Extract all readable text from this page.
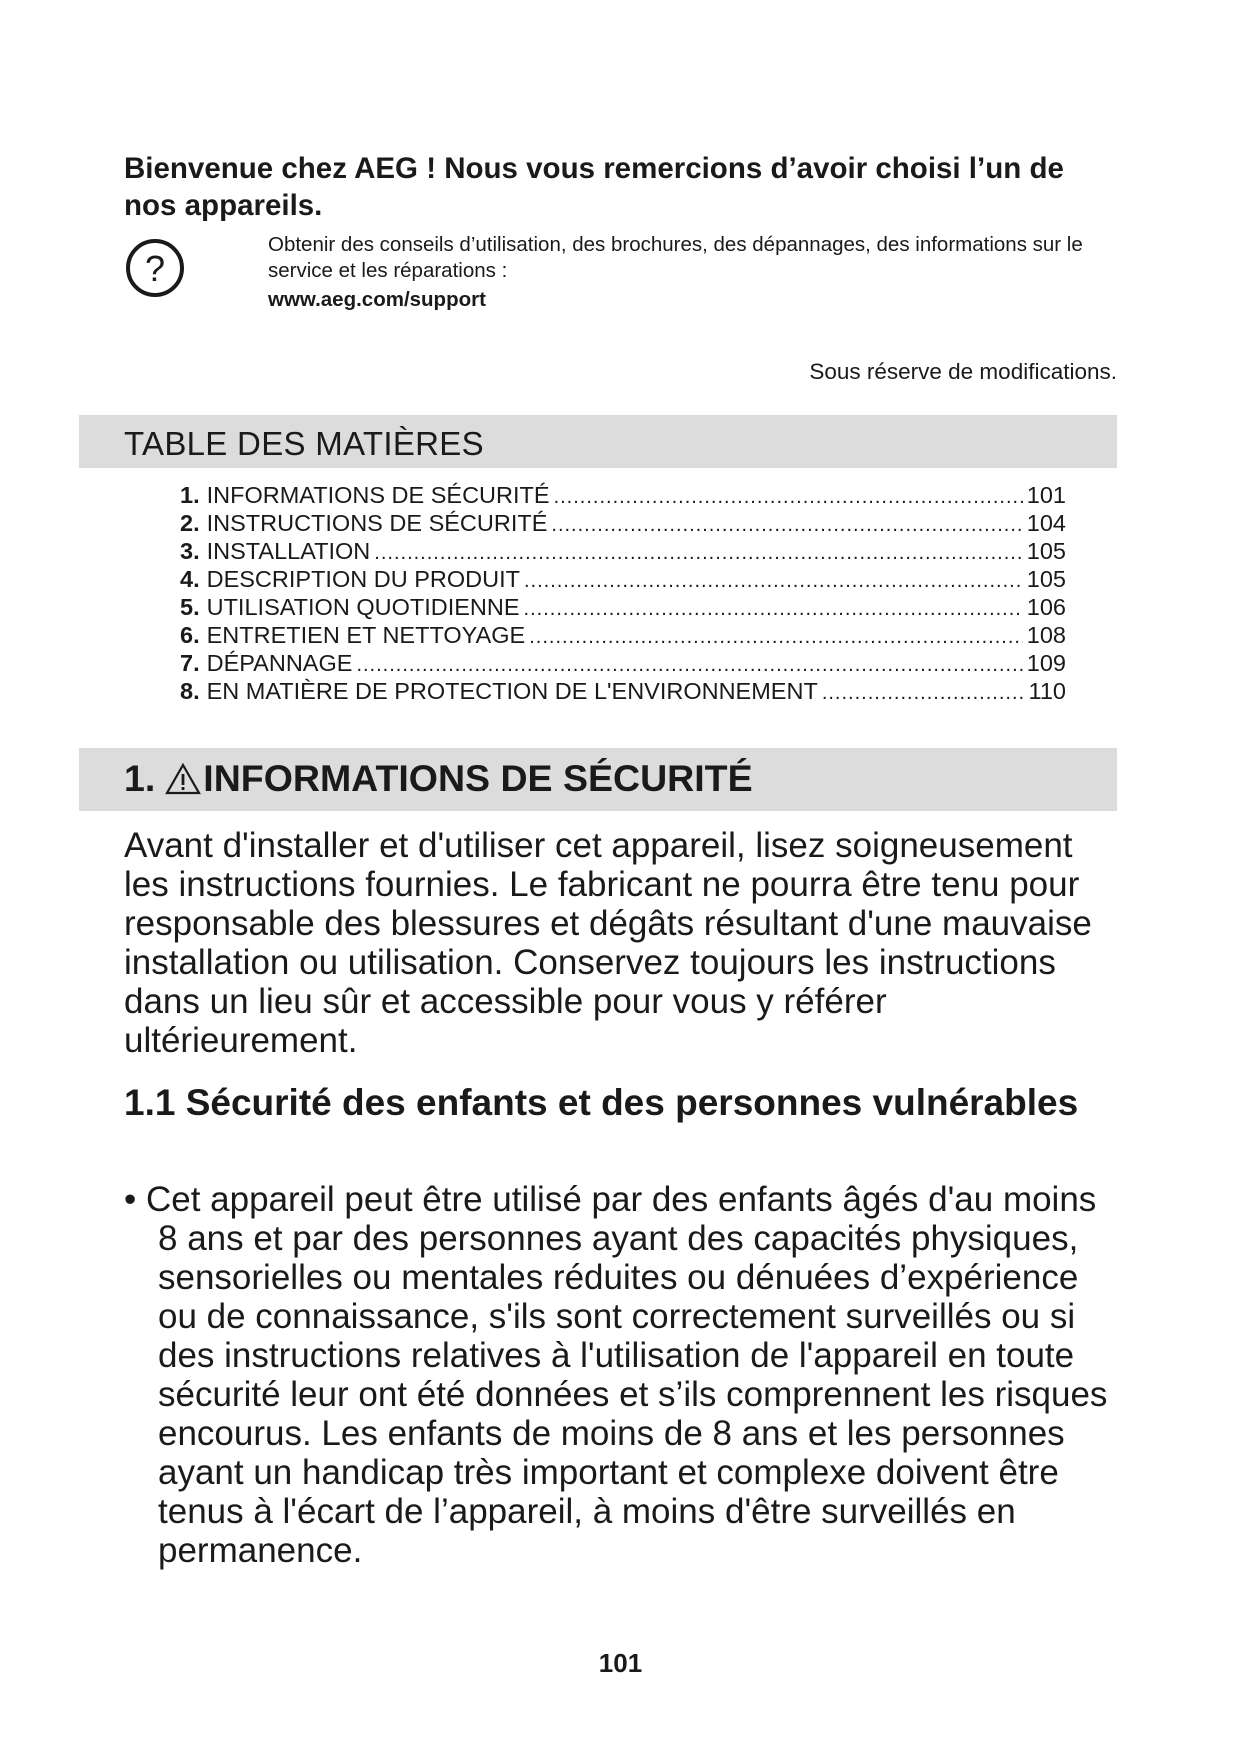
Bienvenue chez AEG ! Nous vous remercions d’avoir choisi l’un de nos appareils.
?
Obtenir des conseils d’utilisation, des brochures, des dépannages, des informations sur le service et les réparations :
www.aeg.com/support
Sous réserve de modifications.
TABLE DES MATIÈRES
1. INFORMATIONS DE SÉCURITÉ .....	101
2. INSTRUCTIONS DE SÉCURITÉ .....	104
3. INSTALLATION .....	105
4. DESCRIPTION DU PRODUIT .....	105
5. UTILISATION QUOTIDIENNE .....	106
6. ENTRETIEN ET NETTOYAGE .....	108
7. DÉPANNAGE .....	109
8. EN MATIÈRE DE PROTECTION DE L'ENVIRONNEMENT .....	110
1. INFORMATIONS DE SÉCURITÉ

Avant d'installer et d'utiliser cet appareil, lisez soigneusement les instructions fournies. Le fabricant ne pourra être tenu pour responsable des blessures et dégâts résultant d'une mauvaise installation ou utilisation. Conservez toujours les instructions dans un lieu sûr et accessible pour vous y référer ultérieurement.

1.1 Sécurité des enfants et des personnes vulnérables

• Cet appareil peut être utilisé par des enfants âgés d'au moins 8 ans et par des personnes ayant des capacités physiques, sensorielles ou mentales réduites ou dénuées d’expérience ou de connaissance, s'ils sont correctement surveillés ou si des instructions relatives à l'utilisation de l'appareil en toute sécurité leur ont été données et s’ils comprennent les risques encourus. Les enfants de moins de 8 ans et les personnes ayant un handicap très important et complexe doivent être tenus à l'écart de l’appareil, à moins d'être surveillés en permanence.

101
